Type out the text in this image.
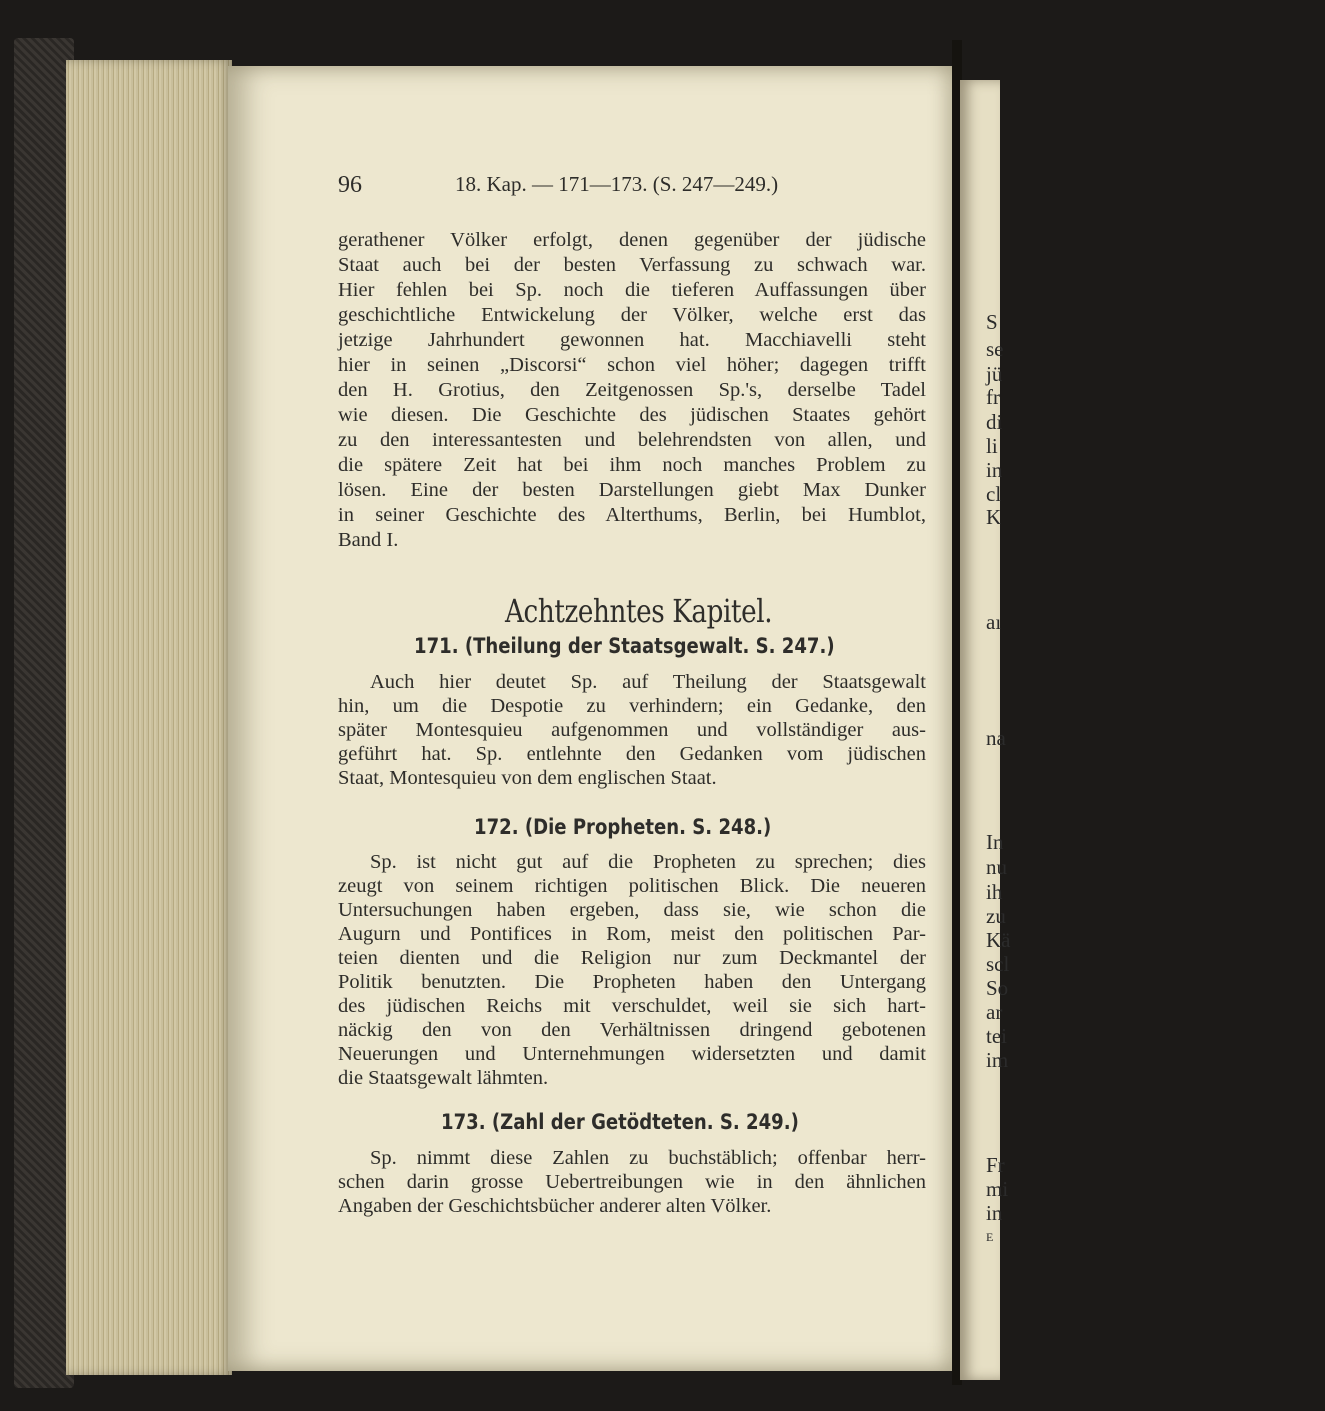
S
se
jü
fr
di
li
in
cl
K
aı
na
In
nu
ih
zu
Kä
scl
So
ar
tei
im
Fr
mi
in
E
96	18. Kap. — 171—173. (S. 247—249.)
gerathener Völker erfolgt, denen gegenüber der jüdische
Staat auch bei der besten Verfassung zu schwach war.
Hier fehlen bei Sp. noch die tieferen Auffassungen über
geschichtliche Entwickelung der Völker, welche erst das
jetzige Jahrhundert gewonnen hat. Macchiavelli steht
hier in seinen „Discorsi“ schon viel höher; dagegen trifft
den H. Grotius, den Zeitgenossen Sp.'s, derselbe Tadel
wie diesen. Die Geschichte des jüdischen Staates gehört
zu den interessantesten und belehrendsten von allen, und
die spätere Zeit hat bei ihm noch manches Problem zu
lösen. Eine der besten Darstellungen giebt Max Dunker
in seiner Geschichte des Alterthums, Berlin, bei Humblot,
Band I.
Achtzehntes Kapitel.
171. (Theilung der Staatsgewalt. S. 247.)
Auch hier deutet Sp. auf Theilung der Staatsgewalt
hin, um die Despotie zu verhindern; ein Gedanke, den
später Montesquieu aufgenommen und vollständiger aus-
geführt hat. Sp. entlehnte den Gedanken vom jüdischen
Staat, Montesquieu von dem englischen Staat.
172. (Die Propheten. S. 248.)
Sp. ist nicht gut auf die Propheten zu sprechen; dies
zeugt von seinem richtigen politischen Blick. Die neueren
Untersuchungen haben ergeben, dass sie, wie schon die
Augurn und Pontifices in Rom, meist den politischen Par-
teien dienten und die Religion nur zum Deckmantel der
Politik benutzten. Die Propheten haben den Untergang
des jüdischen Reichs mit verschuldet, weil sie sich hart-
näckig den von den Verhältnissen dringend gebotenen
Neuerungen und Unternehmungen widersetzten und damit
die Staatsgewalt lähmten.
173. (Zahl der Getödteten. S. 249.)
Sp. nimmt diese Zahlen zu buchstäblich; offenbar herr-
schen darin grosse Uebertreibungen wie in den ähnlichen
Angaben der Geschichtsbücher anderer alten Völker.
